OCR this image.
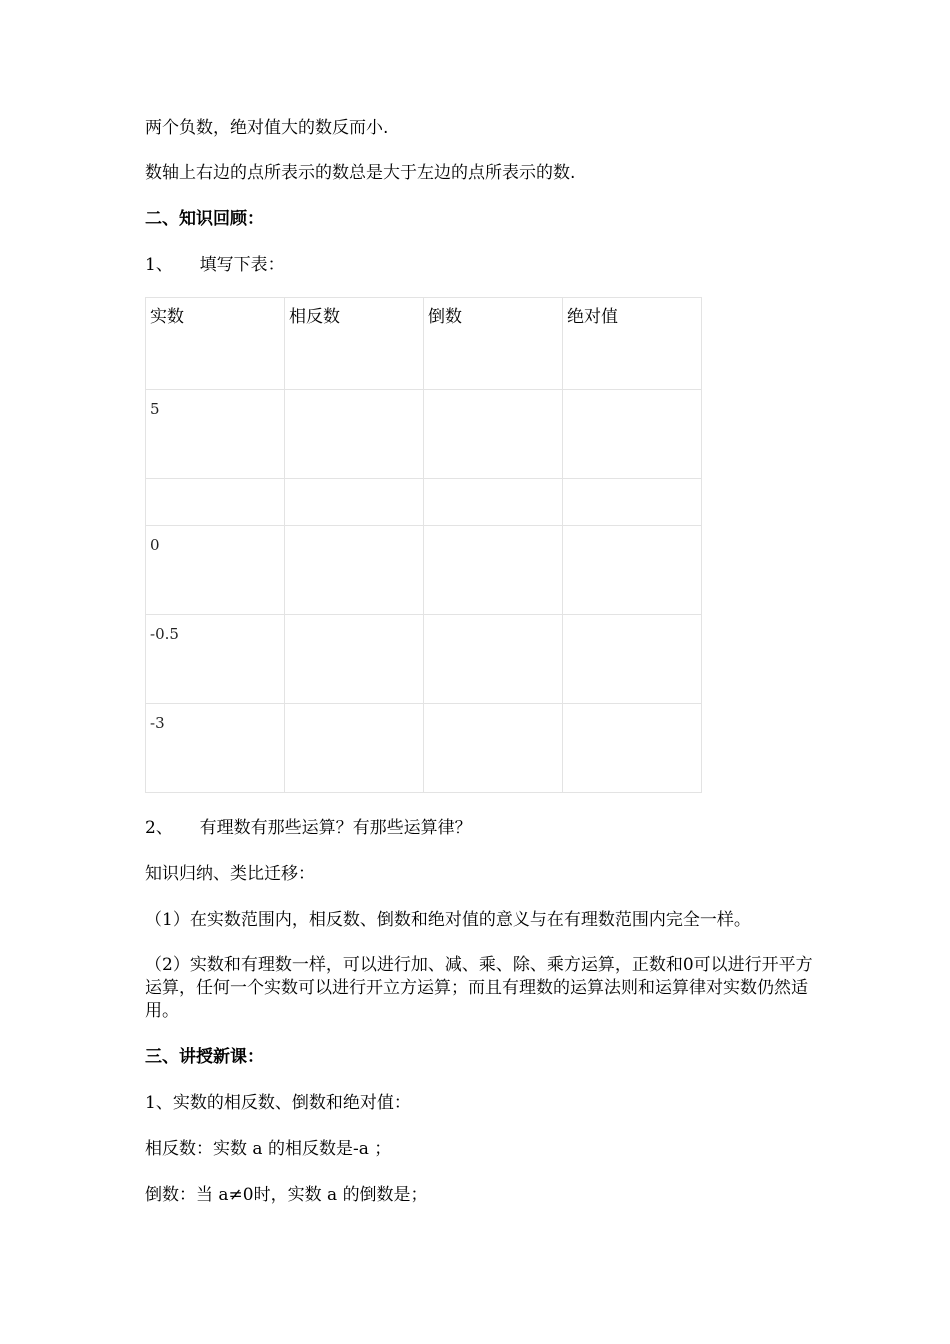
两个负数，绝对值大的数反而小.
数轴上右边的点所表示的数总是大于左边的点所表示的数.
二、知识回顾：
1、 填写下表：
实数	相反数	倒数	绝对值
5			

0			
-0.5			
-3			
2、 有理数有那些运算？有那些运算律？
知识归纳、类比迁移：
（1）在实数范围内，相反数、倒数和绝对值的意义与在有理数范围内完全一样。
（2）实数和有理数一样，可以进行加、减、乘、除、乘方运算，正数和0可以进行开平方运算，任何一个实数可以进行开立方运算；而且有理数的运算法则和运算律对实数仍然适用。
三、讲授新课：
1、实数的相反数、倒数和绝对值：
相反数：实数 a 的相反数是-a ；
倒数：当 a≠0时，实数 a 的倒数是；
